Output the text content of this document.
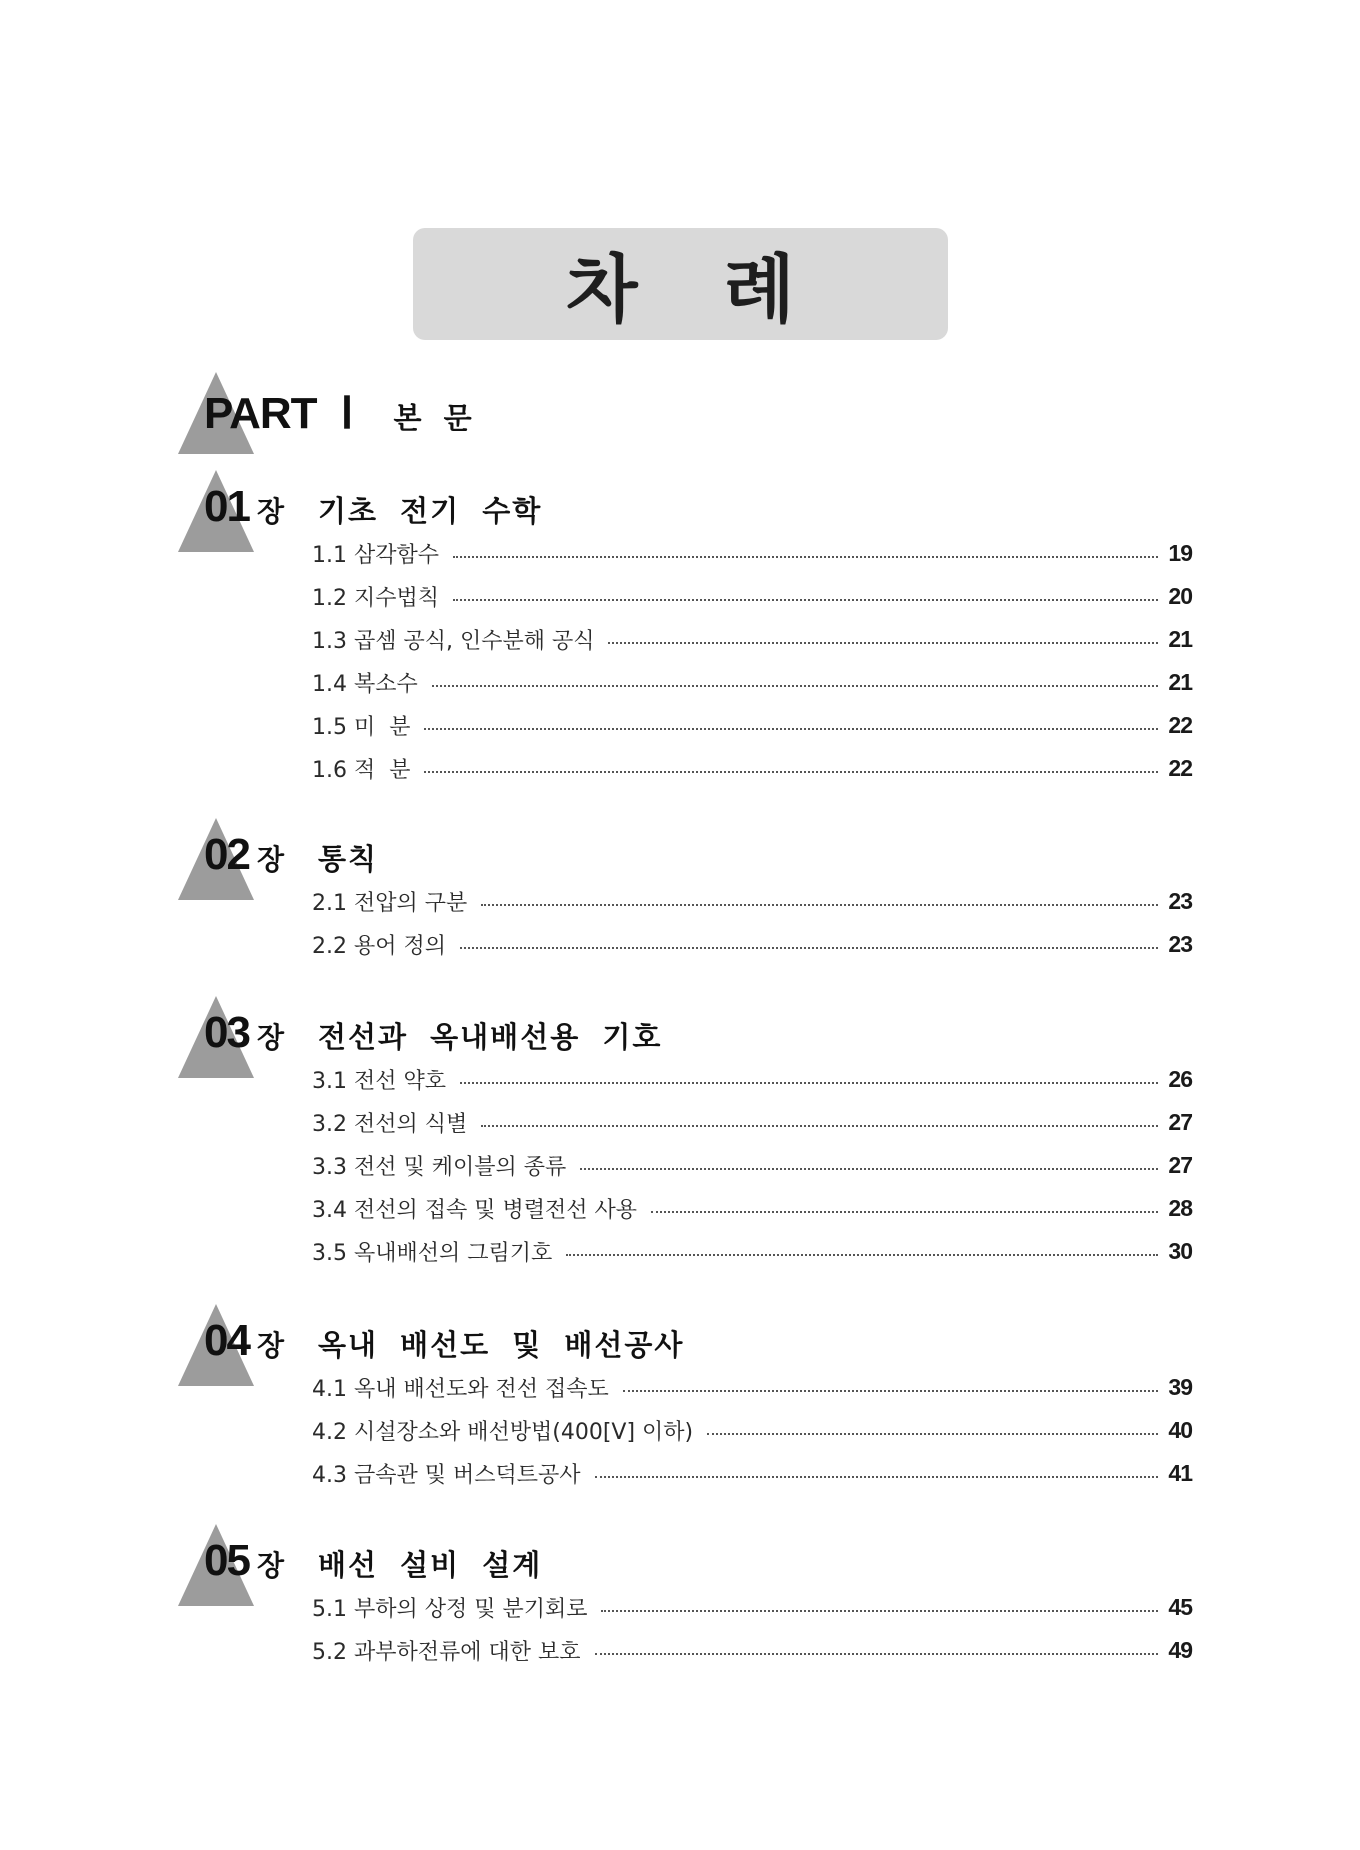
차 례
PART Ⅰ 본 문
01 장 기초 전기 수학
1.1 삼각함수	19
1.2 지수법칙	20
1.3 곱셈 공식, 인수분해 공식	21
1.4 복소수	21
1.5 미  분	22
1.6 적  분	22
02 장 통칙
2.1 전압의 구분	23
2.2 용어 정의	23
03 장 전선과 옥내배선용 기호
3.1 전선 약호	26
3.2 전선의 식별	27
3.3 전선 및 케이블의 종류	27
3.4 전선의 접속 및 병렬전선 사용	28
3.5 옥내배선의 그림기호	30
04 장 옥내 배선도 및 배선공사
4.1 옥내 배선도와 전선 접속도	39
4.2 시설장소와 배선방법(400[V] 이하)	40
4.3 금속관 및 버스덕트공사	41
05 장 배선 설비 설계
5.1 부하의 상정 및 분기회로	45
5.2 과부하전류에 대한 보호	49
